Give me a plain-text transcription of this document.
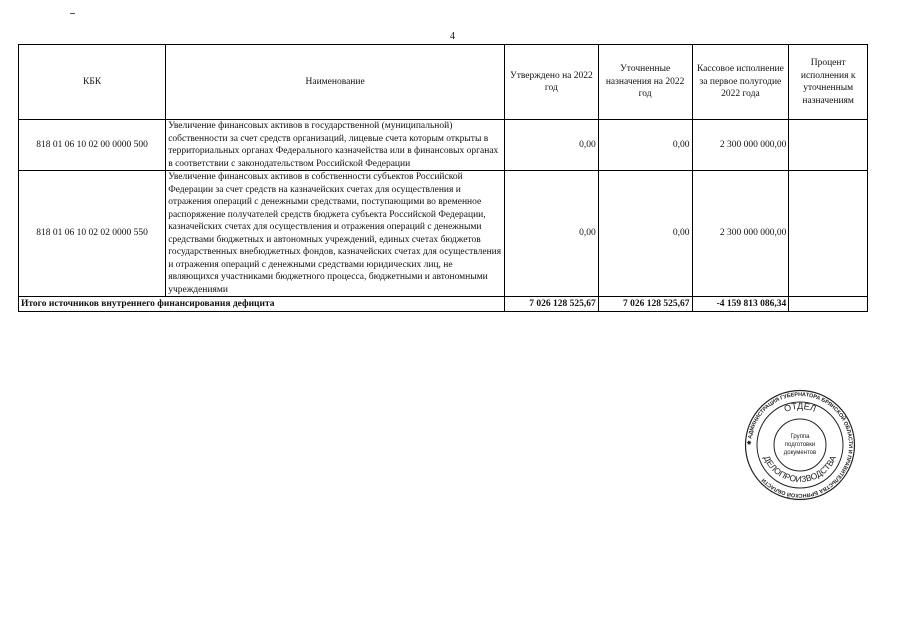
4
КБК	Наименование	Утверждено на 2022 год	Уточненные назначения на 2022 год	Кассовое исполнение за первое полугодие 2022 года	Процент исполнения к уточненным назначениям
818 01 06 10 02 00 0000 500	Увеличение финансовых активов в государственной (муниципальной) собственности за счет средств организаций, лицевые счета которым открыты в территориальных органах Федерального казначейства или в финансовых органах в соответствии с законодательством Российской Федерации	0,00	0,00	2 300 000 000,00	
818 01 06 10 02 02 0000 550	Увеличение финансовых активов в собственности субъектов Российской Федерации за счет средств на казначейских счетах для осуществления и отражения операций с денежными средствами, поступающими во временное распоряжение получателей средств бюджета субъекта Российской Федерации, казначейских счетах для осуществления и отражения операций с денежными средствами бюджетных и автономных учреждений, единых счетах бюджетов государственных внебюджетных фондов, казначейских счетах для осуществления и отражения операций с денежными средствами юридических лиц, не являющихся участниками бюджетного процесса, бюджетными и автономными учреждениями	0,00	0,00	2 300 000 000,00	
Итого источников внутреннего финансирования дефицита		7 026 128 525,67	7 026 128 525,67	-4 159 813 086,34	
✱ АДМИНИСТРАЦИЯ ГУБЕРНАТОРА БРЯНСКОЙ ОБЛАСТИ И ПРАВИТЕЛЬСТВА БРЯНСКОЙ ОБЛАСТИ
ОТДЕЛ
ДЕЛОПРОИЗВОДСТВА
Группа
подготовки
документов
